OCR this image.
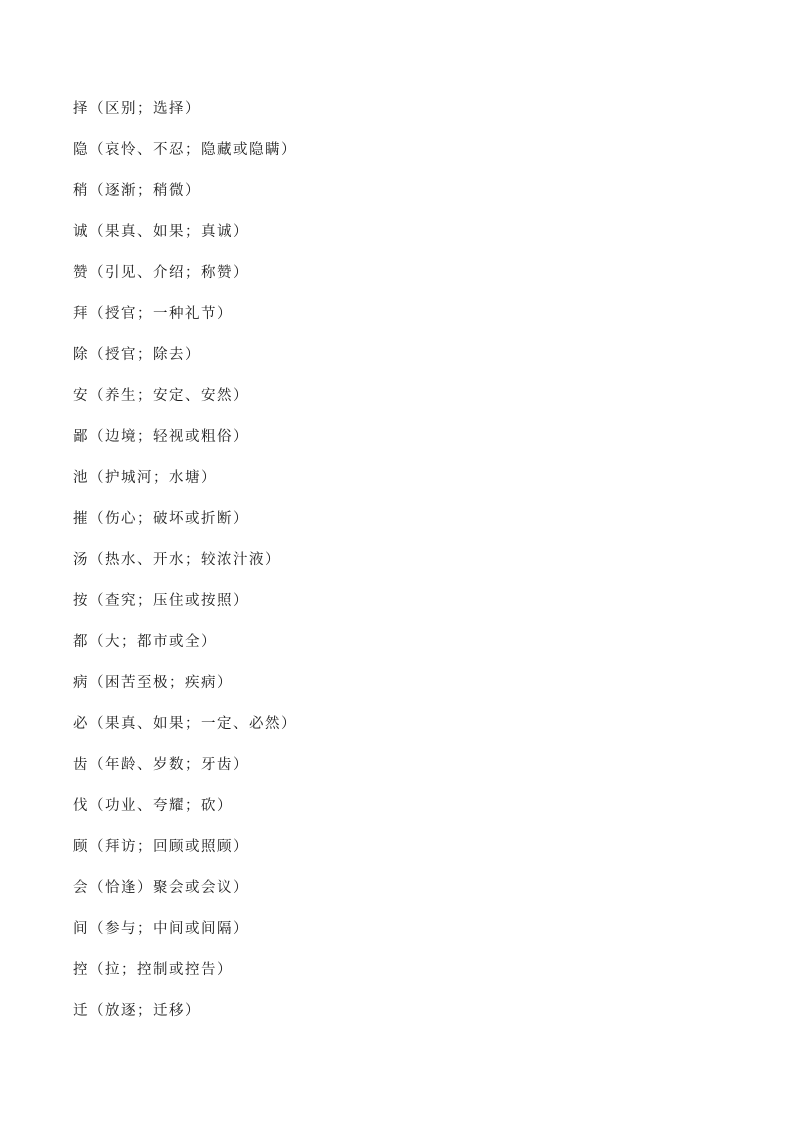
择（区别；选择）
隐（哀怜、不忍；隐藏或隐瞒）
稍（逐渐；稍微）
诚（果真、如果；真诚）
赞（引见、介绍；称赞）
拜（授官；一种礼节）
除（授官；除去）
安（养生；安定、安然）
鄙（边境；轻视或粗俗）
池（护城河；水塘）
摧（伤心；破坏或折断）
汤（热水、开水；较浓汁液）
按（查究；压住或按照）
都（大；都市或全）
病（困苦至极；疾病）
必（果真、如果；一定、必然）
齿（年龄、岁数；牙齿）
伐（功业、夸耀；砍）
顾（拜访；回顾或照顾）
会（恰逢）聚会或会议）
间（参与；中间或间隔）
控（拉；控制或控告）
迁（放逐；迁移）
